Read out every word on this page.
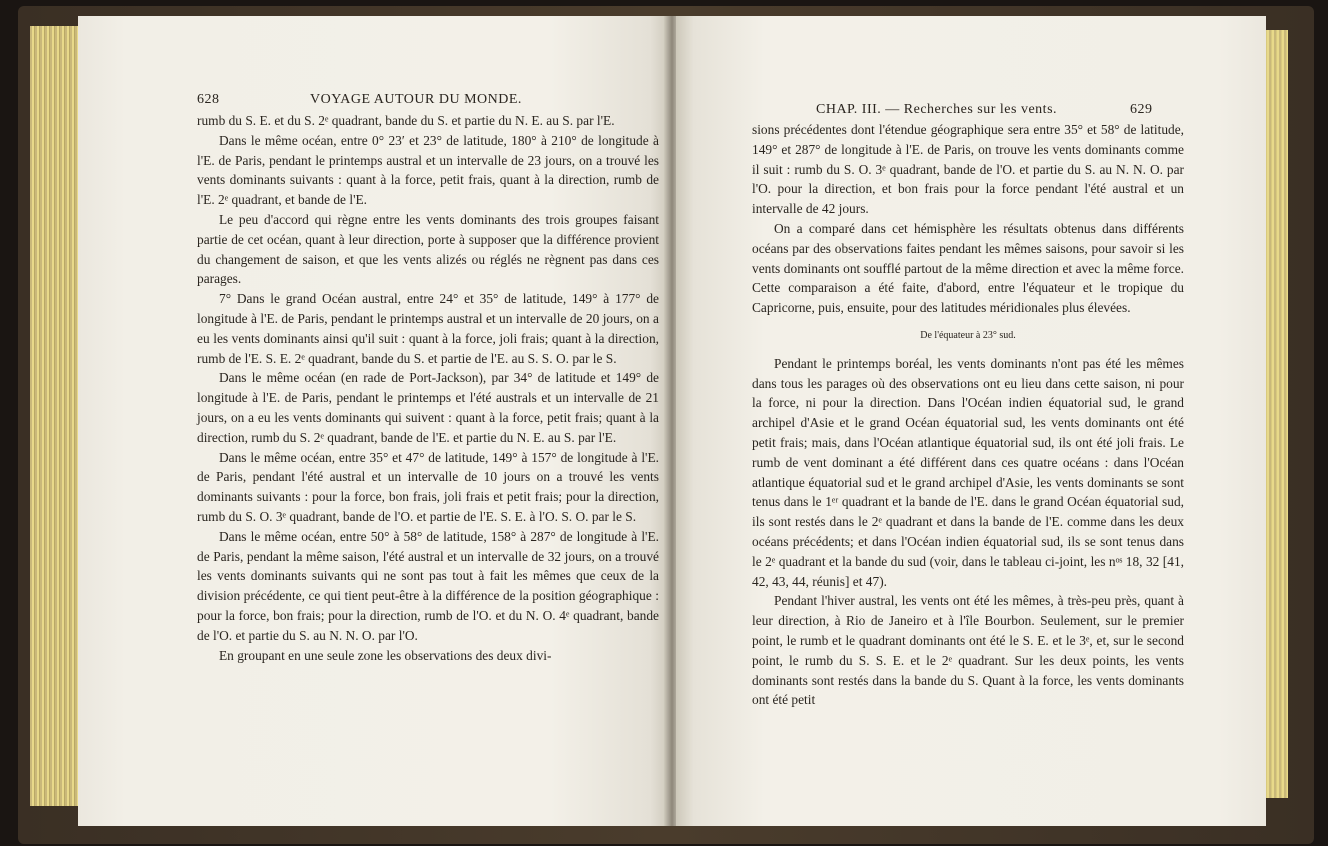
628	VOYAGE AUTOUR DU MONDE.

rumb du S. E. et du S. 2ᵉ quadrant, bande du S. et partie du N. E. au S. par l'E.

Dans le même océan, entre 0° 23′ et 23° de latitude, 180° à 210° de longitude à l'E. de Paris, pendant le printemps austral et un intervalle de 23 jours, on a trouvé les vents dominants suivants : quant à la force, petit frais, quant à la direction, rumb de l'E. 2ᵉ quadrant, et bande de l'E.

Le peu d'accord qui règne entre les vents dominants des trois groupes faisant partie de cet océan, quant à leur direction, porte à supposer que la différence provient du changement de saison, et que les vents alizés ou réglés ne règnent pas dans ces parages.

7° Dans le grand Océan austral, entre 24° et 35° de latitude, 149° à 177° de longitude à l'E. de Paris, pendant le printemps austral et un intervalle de 20 jours, on a eu les vents dominants ainsi qu'il suit : quant à la force, joli frais; quant à la direction, rumb de l'E. S. E. 2ᵉ quadrant, bande du S. et partie de l'E. au S. S. O. par le S.

Dans le même océan (en rade de Port-Jackson), par 34° de latitude et 149° de longitude à l'E. de Paris, pendant le printemps et l'été australs et un intervalle de 21 jours, on a eu les vents dominants qui suivent : quant à la force, petit frais; quant à la direction, rumb du S. 2ᵉ quadrant, bande de l'E. et partie du N. E. au S. par l'E.

Dans le même océan, entre 35° et 47° de latitude, 149° à 157° de longitude à l'E. de Paris, pendant l'été austral et un intervalle de 10 jours on a trouvé les vents dominants suivants : pour la force, bon frais, joli frais et petit frais; pour la direction, rumb du S. O. 3ᵉ quadrant, bande de l'O. et partie de l'E. S. E. à l'O. S. O. par le S.

Dans le même océan, entre 50° à 58° de latitude, 158° à 287° de longitude à l'E. de Paris, pendant la même saison, l'été austral et un intervalle de 32 jours, on a trouvé les vents dominants suivants qui ne sont pas tout à fait les mêmes que ceux de la division précédente, ce qui tient peut-être à la différence de la position géographique : pour la force, bon frais; pour la direction, rumb de l'O. et du N. O. 4ᵉ quadrant, bande de l'O. et partie du S. au N. N. O. par l'O.

En groupant en une seule zone les observations des deux divi-

CHAP. III. — Recherches sur les vents.	629

sions précédentes dont l'étendue géographique sera entre 35° et 58° de latitude, 149° et 287° de longitude à l'E. de Paris, on trouve les vents dominants comme il suit : rumb du S. O. 3ᵉ quadrant, bande de l'O. et partie du S. au N. N. O. par l'O. pour la direction, et bon frais pour la force pendant l'été austral et un intervalle de 42 jours.

On a comparé dans cet hémisphère les résultats obtenus dans différents océans par des observations faites pendant les mêmes saisons, pour savoir si les vents dominants ont soufflé partout de la même direction et avec la même force. Cette comparaison a été faite, d'abord, entre l'équateur et le tropique du Capricorne, puis, ensuite, pour des latitudes méridionales plus élevées.

De l'équateur à 23° sud.

Pendant le printemps boréal, les vents dominants n'ont pas été les mêmes dans tous les parages où des observations ont eu lieu dans cette saison, ni pour la force, ni pour la direction. Dans l'Océan indien équatorial sud, le grand archipel d'Asie et le grand Océan équatorial sud, les vents dominants ont été petit frais; mais, dans l'Océan atlantique équatorial sud, ils ont été joli frais. Le rumb de vent dominant a été différent dans ces quatre océans : dans l'Océan atlantique équatorial sud et le grand archipel d'Asie, les vents dominants se sont tenus dans le 1ᵉʳ quadrant et la bande de l'E. dans le grand Océan équatorial sud, ils sont restés dans le 2ᵉ quadrant et dans la bande de l'E. comme dans les deux océans précédents; et dans l'Océan indien équatorial sud, ils se sont tenus dans le 2ᵉ quadrant et la bande du sud (voir, dans le tableau ci-joint, les nᵒˢ 18, 32 [41, 42, 43, 44, réunis] et 47).

Pendant l'hiver austral, les vents ont été les mêmes, à très-peu près, quant à leur direction, à Rio de Janeiro et à l'île Bourbon. Seulement, sur le premier point, le rumb et le quadrant dominants ont été le S. E. et le 3ᵉ, et, sur le second point, le rumb du S. S. E. et le 2ᵉ quadrant. Sur les deux points, les vents dominants sont restés dans la bande du S. Quant à la force, les vents dominants ont été petit
